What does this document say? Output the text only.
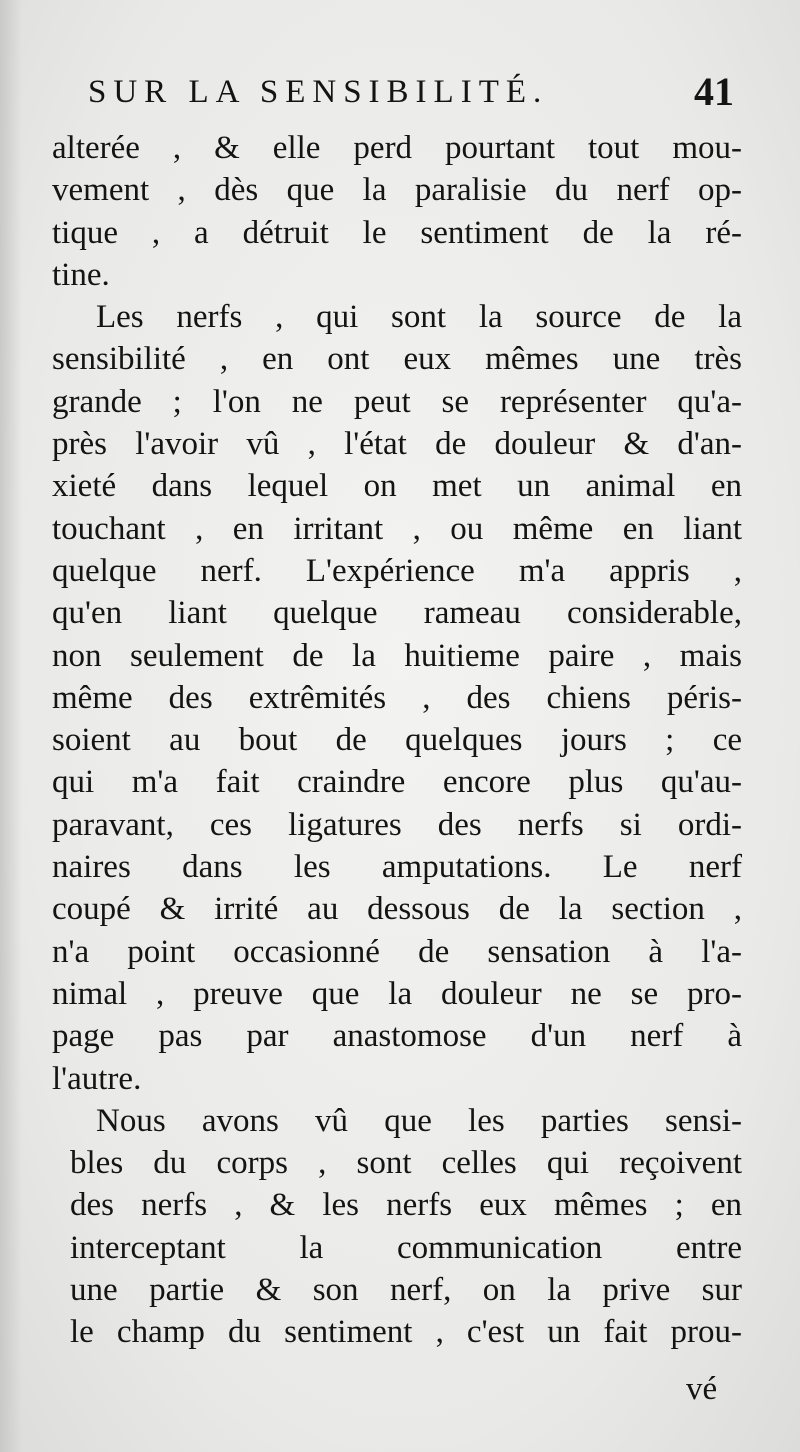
SUR LA SENSIBILITÉ.	41
alterée , & elle perd pourtant tout mou-
vement , dès que la paralisie du nerf op-
tique , a détruit le sentiment de la ré-
tine.
Les nerfs , qui sont la source de la
sensibilité , en ont eux mêmes une très
grande ; l'on ne peut se représenter qu'a-
près l'avoir vû , l'état de douleur & d'an-
xieté dans lequel on met un animal en
touchant , en irritant , ou même en liant
quelque nerf. L'expérience m'a appris ,
qu'en liant quelque rameau considerable,
non seulement de la huitieme paire , mais
même des extrêmités , des chiens péris-
soient au bout de quelques jours ; ce
qui m'a fait craindre encore plus qu'au-
paravant, ces ligatures des nerfs si ordi-
naires dans les amputations. Le nerf
coupé & irrité au dessous de la section ,
n'a point occasionné de sensation à l'a-
nimal , preuve que la douleur ne se pro-
page pas par anastomose d'un nerf à
l'autre.
Nous avons vû que les parties sensi-
bles du corps , sont celles qui reçoivent
des nerfs , & les nerfs eux mêmes ; en
interceptant la communication entre
une partie & son nerf, on la prive sur
le champ du sentiment , c'est un fait prou-
vé
